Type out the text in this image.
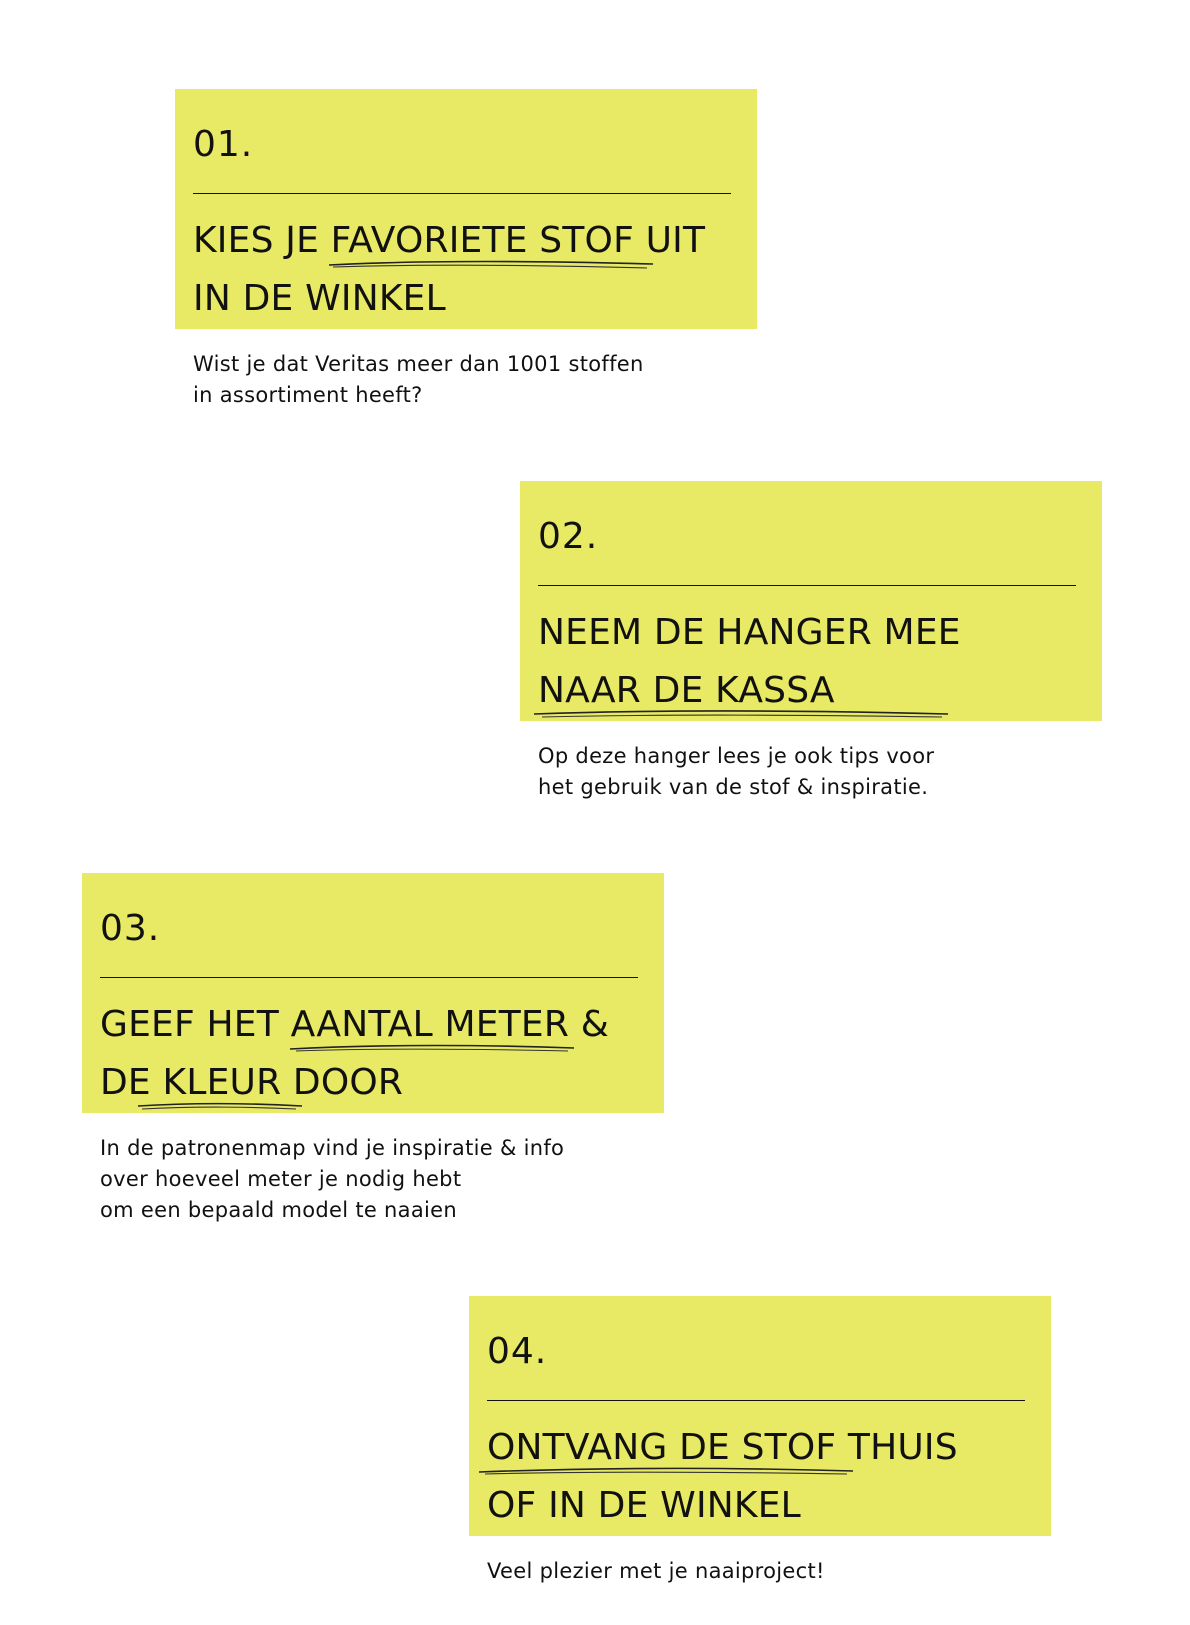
01.
KIES JE FAVORIETE STOF UIT
IN DE WINKEL
Wist je dat Veritas meer dan 1001 stoffen
in assortiment heeft?
02.
NEEM DE HANGER MEE
NAAR DE KASSA
Op deze hanger lees je ook tips voor
het gebruik van de stof & inspiratie.
03.
GEEF HET AANTAL METER &
DE KLEUR DOOR
In de patronenmap vind je inspiratie & info
over hoeveel meter je nodig hebt
om een bepaald model te naaien
04.
ONTVANG DE STOF THUIS
OF IN DE WINKEL
Veel plezier met je naaiproject!
